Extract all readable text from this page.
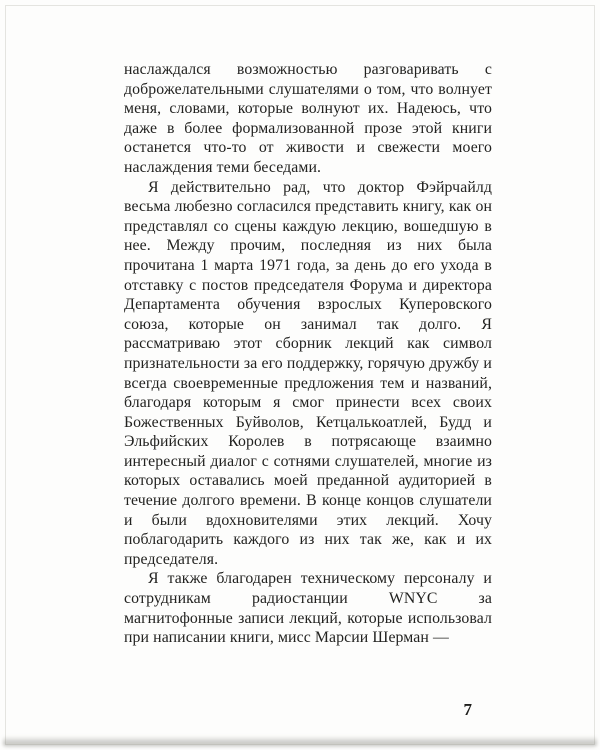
наслаждался возможностью разговаривать с доброжелательными слушателями о том, что волнует меня, словами, которые волнуют их. Надеюсь, что даже в более формализованной прозе этой книги останется что-то от живости и свежести моего наслаждения теми беседами.

Я действительно рад, что доктор Фэйрчайлд весьма любезно согласился представить книгу, как он представлял со сцены каждую лекцию, вошедшую в нее. Между прочим, последняя из них была прочитана 1 марта 1971 года, за день до его ухода в отставку с постов председателя Форума и директора Департамента обучения взрослых Куперовского союза, которые он занимал так долго. Я рассматриваю этот сборник лекций как символ признательности за его поддержку, горячую дружбу и всегда своевременные предложения тем и названий, благодаря которым я смог принести всех своих Божественных Буйволов, Кетцалькоатлей, Будд и Эльфийских Королев в потрясающе взаимно интересный диалог с сотнями слушателей, многие из которых оставались моей преданной аудиторией в течение долгого времени. В конце концов слушатели и были вдохновителями этих лекций. Хочу поблагодарить каждого из них так же, как и их председателя.

Я также благодарен техническому персоналу и сотрудникам радиостанции WNYC за магнитофонные записи лекций, которые использовал при написании книги, мисс Марсии Шерман —

7
